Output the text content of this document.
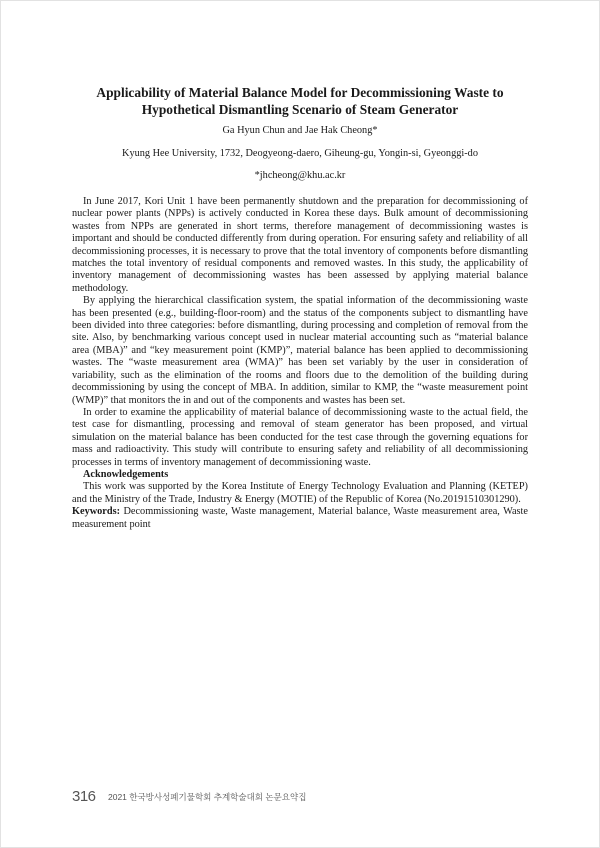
Applicability of Material Balance Model for Decommissioning Waste to Hypothetical Dismantling Scenario of Steam Generator
Ga Hyun Chun and Jae Hak Cheong*
Kyung Hee University, 1732, Deogyeong-daero, Giheung-gu, Yongin-si, Gyeonggi-do
*jhcheong@khu.ac.kr

In June 2017, Kori Unit 1 have been permanently shutdown and the preparation for decommissioning of nuclear power plants (NPPs) is actively conducted in Korea these days. Bulk amount of decommissioning wastes from NPPs are generated in short terms, therefore management of decommissioning wastes is important and should be conducted differently from during operation. For ensuring safety and reliability of all decommissioning processes, it is necessary to prove that the total inventory of components before dismantling matches the total inventory of residual components and removed wastes. In this study, the applicability of inventory management of decommissioning wastes has been assessed by applying material balance methodology.

By applying the hierarchical classification system, the spatial information of the decommissioning waste has been presented (e.g., building-floor-room) and the status of the components subject to dismantling have been divided into three categories: before dismantling, during processing and completion of removal from the site. Also, by benchmarking various concept used in nuclear material accounting such as “material balance area (MBA)” and “key measurement point (KMP)”, material balance has been applied to decommissioning wastes. The “waste measurement area (WMA)” has been set variably by the user in consideration of variability, such as the elimination of the rooms and floors due to the demolition of the building during decommissioning by using the concept of MBA. In addition, similar to KMP, the “waste measurement point (WMP)” that monitors the in and out of the components and wastes has been set.

In order to examine the applicability of material balance of decommissioning waste to the actual field, the test case for dismantling, processing and removal of steam generator has been proposed, and virtual simulation on the material balance has been conducted for the test case through the governing equations for mass and radioactivity. This study will contribute to ensuring safety and reliability of all decommissioning processes in terms of inventory management of decommissioning waste.

Acknowledgements

This work was supported by the Korea Institute of Energy Technology Evaluation and Planning (KETEP) and the Ministry of the Trade, Industry & Energy (MOTIE) of the Republic of Korea (No.20191510301290).

Keywords: Decommissioning waste, Waste management, Material balance, Waste measurement area, Waste measurement point

316 2021 한국방사성폐기물학회 추계학술대회 논문요약집
